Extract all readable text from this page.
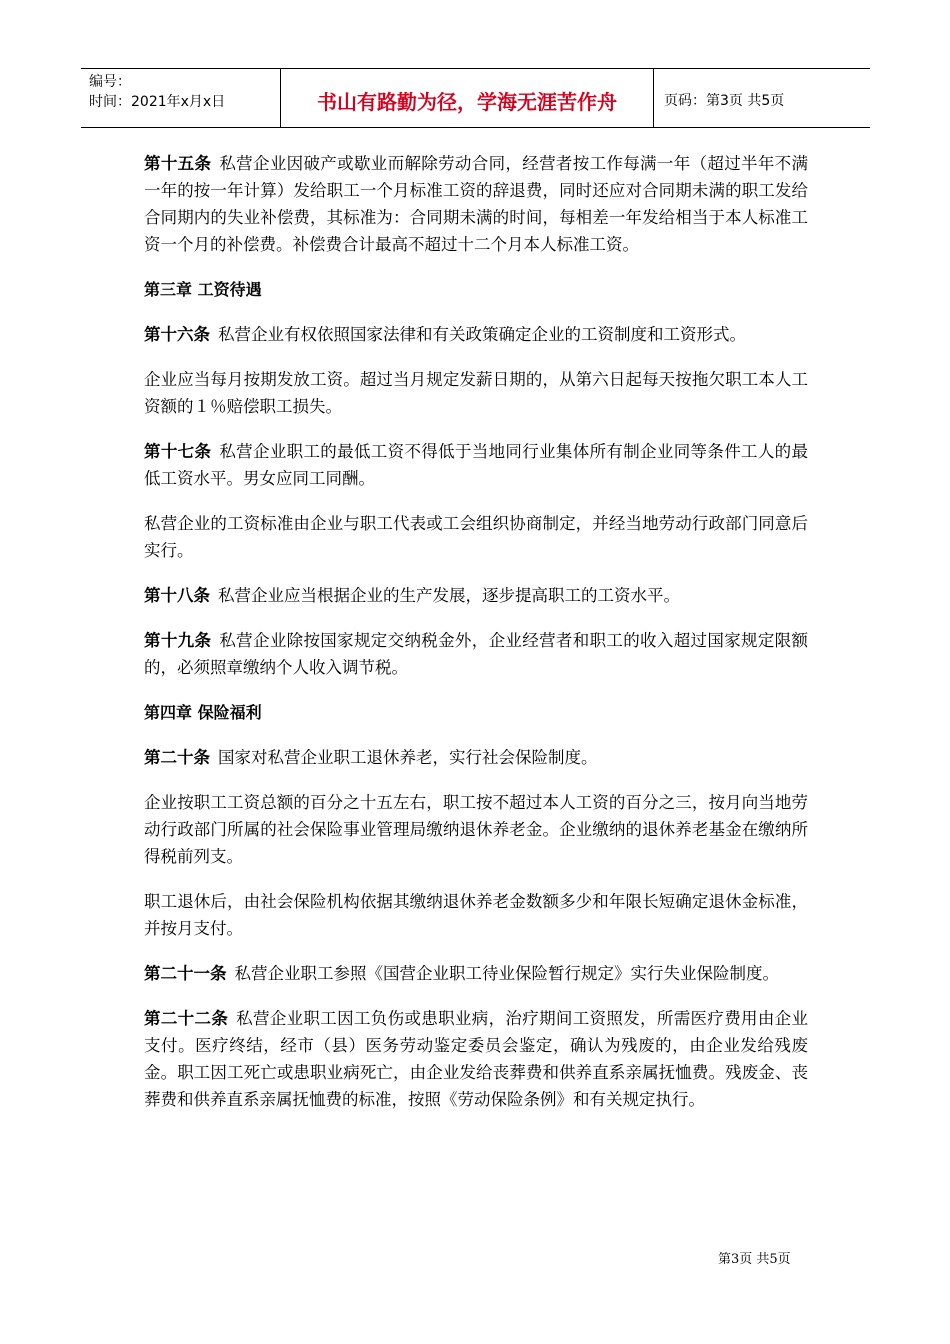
编号：
时间：2021年x月x日	书山有路勤为径，学海无涯苦作舟	页码：第3页 共5页
第十五条 私营企业因破产或歇业而解除劳动合同，经营者按工作每满一年（超过半年不满一年的按一年计算）发给职工一个月标准工资的辞退费，同时还应对合同期未满的职工发给合同期内的失业补偿费，其标准为：合同期未满的时间，每相差一年发给相当于本人标准工资一个月的补偿费。补偿费合计最高不超过十二个月本人标准工资。
第三章 工资待遇
第十六条 私营企业有权依照国家法律和有关政策确定企业的工资制度和工资形式。
企业应当每月按期发放工资。超过当月规定发薪日期的，从第六日起每天按拖欠职工本人工资额的１％赔偿职工损失。
第十七条 私营企业职工的最低工资不得低于当地同行业集体所有制企业同等条件工人的最低工资水平。男女应同工同酬。
私营企业的工资标准由企业与职工代表或工会组织协商制定，并经当地劳动行政部门同意后实行。
第十八条 私营企业应当根据企业的生产发展，逐步提高职工的工资水平。
第十九条 私营企业除按国家规定交纳税金外，企业经营者和职工的收入超过国家规定限额的，必须照章缴纳个人收入调节税。
第四章 保险福利
第二十条 国家对私营企业职工退休养老，实行社会保险制度。
企业按职工工资总额的百分之十五左右，职工按不超过本人工资的百分之三，按月向当地劳动行政部门所属的社会保险事业管理局缴纳退休养老金。企业缴纳的退休养老基金在缴纳所得税前列支。
职工退休后，由社会保险机构依据其缴纳退休养老金数额多少和年限长短确定退休金标准，并按月支付。
第二十一条 私营企业职工参照《国营企业职工待业保险暂行规定》实行失业保险制度。
第二十二条 私营企业职工因工负伤或患职业病，治疗期间工资照发，所需医疗费用由企业支付。医疗终结，经市（县）医务劳动鉴定委员会鉴定，确认为残废的，由企业发给残废金。职工因工死亡或患职业病死亡，由企业发给丧葬费和供养直系亲属抚恤费。残废金、丧葬费和供养直系亲属抚恤费的标准，按照《劳动保险条例》和有关规定执行。
第3页 共5页
